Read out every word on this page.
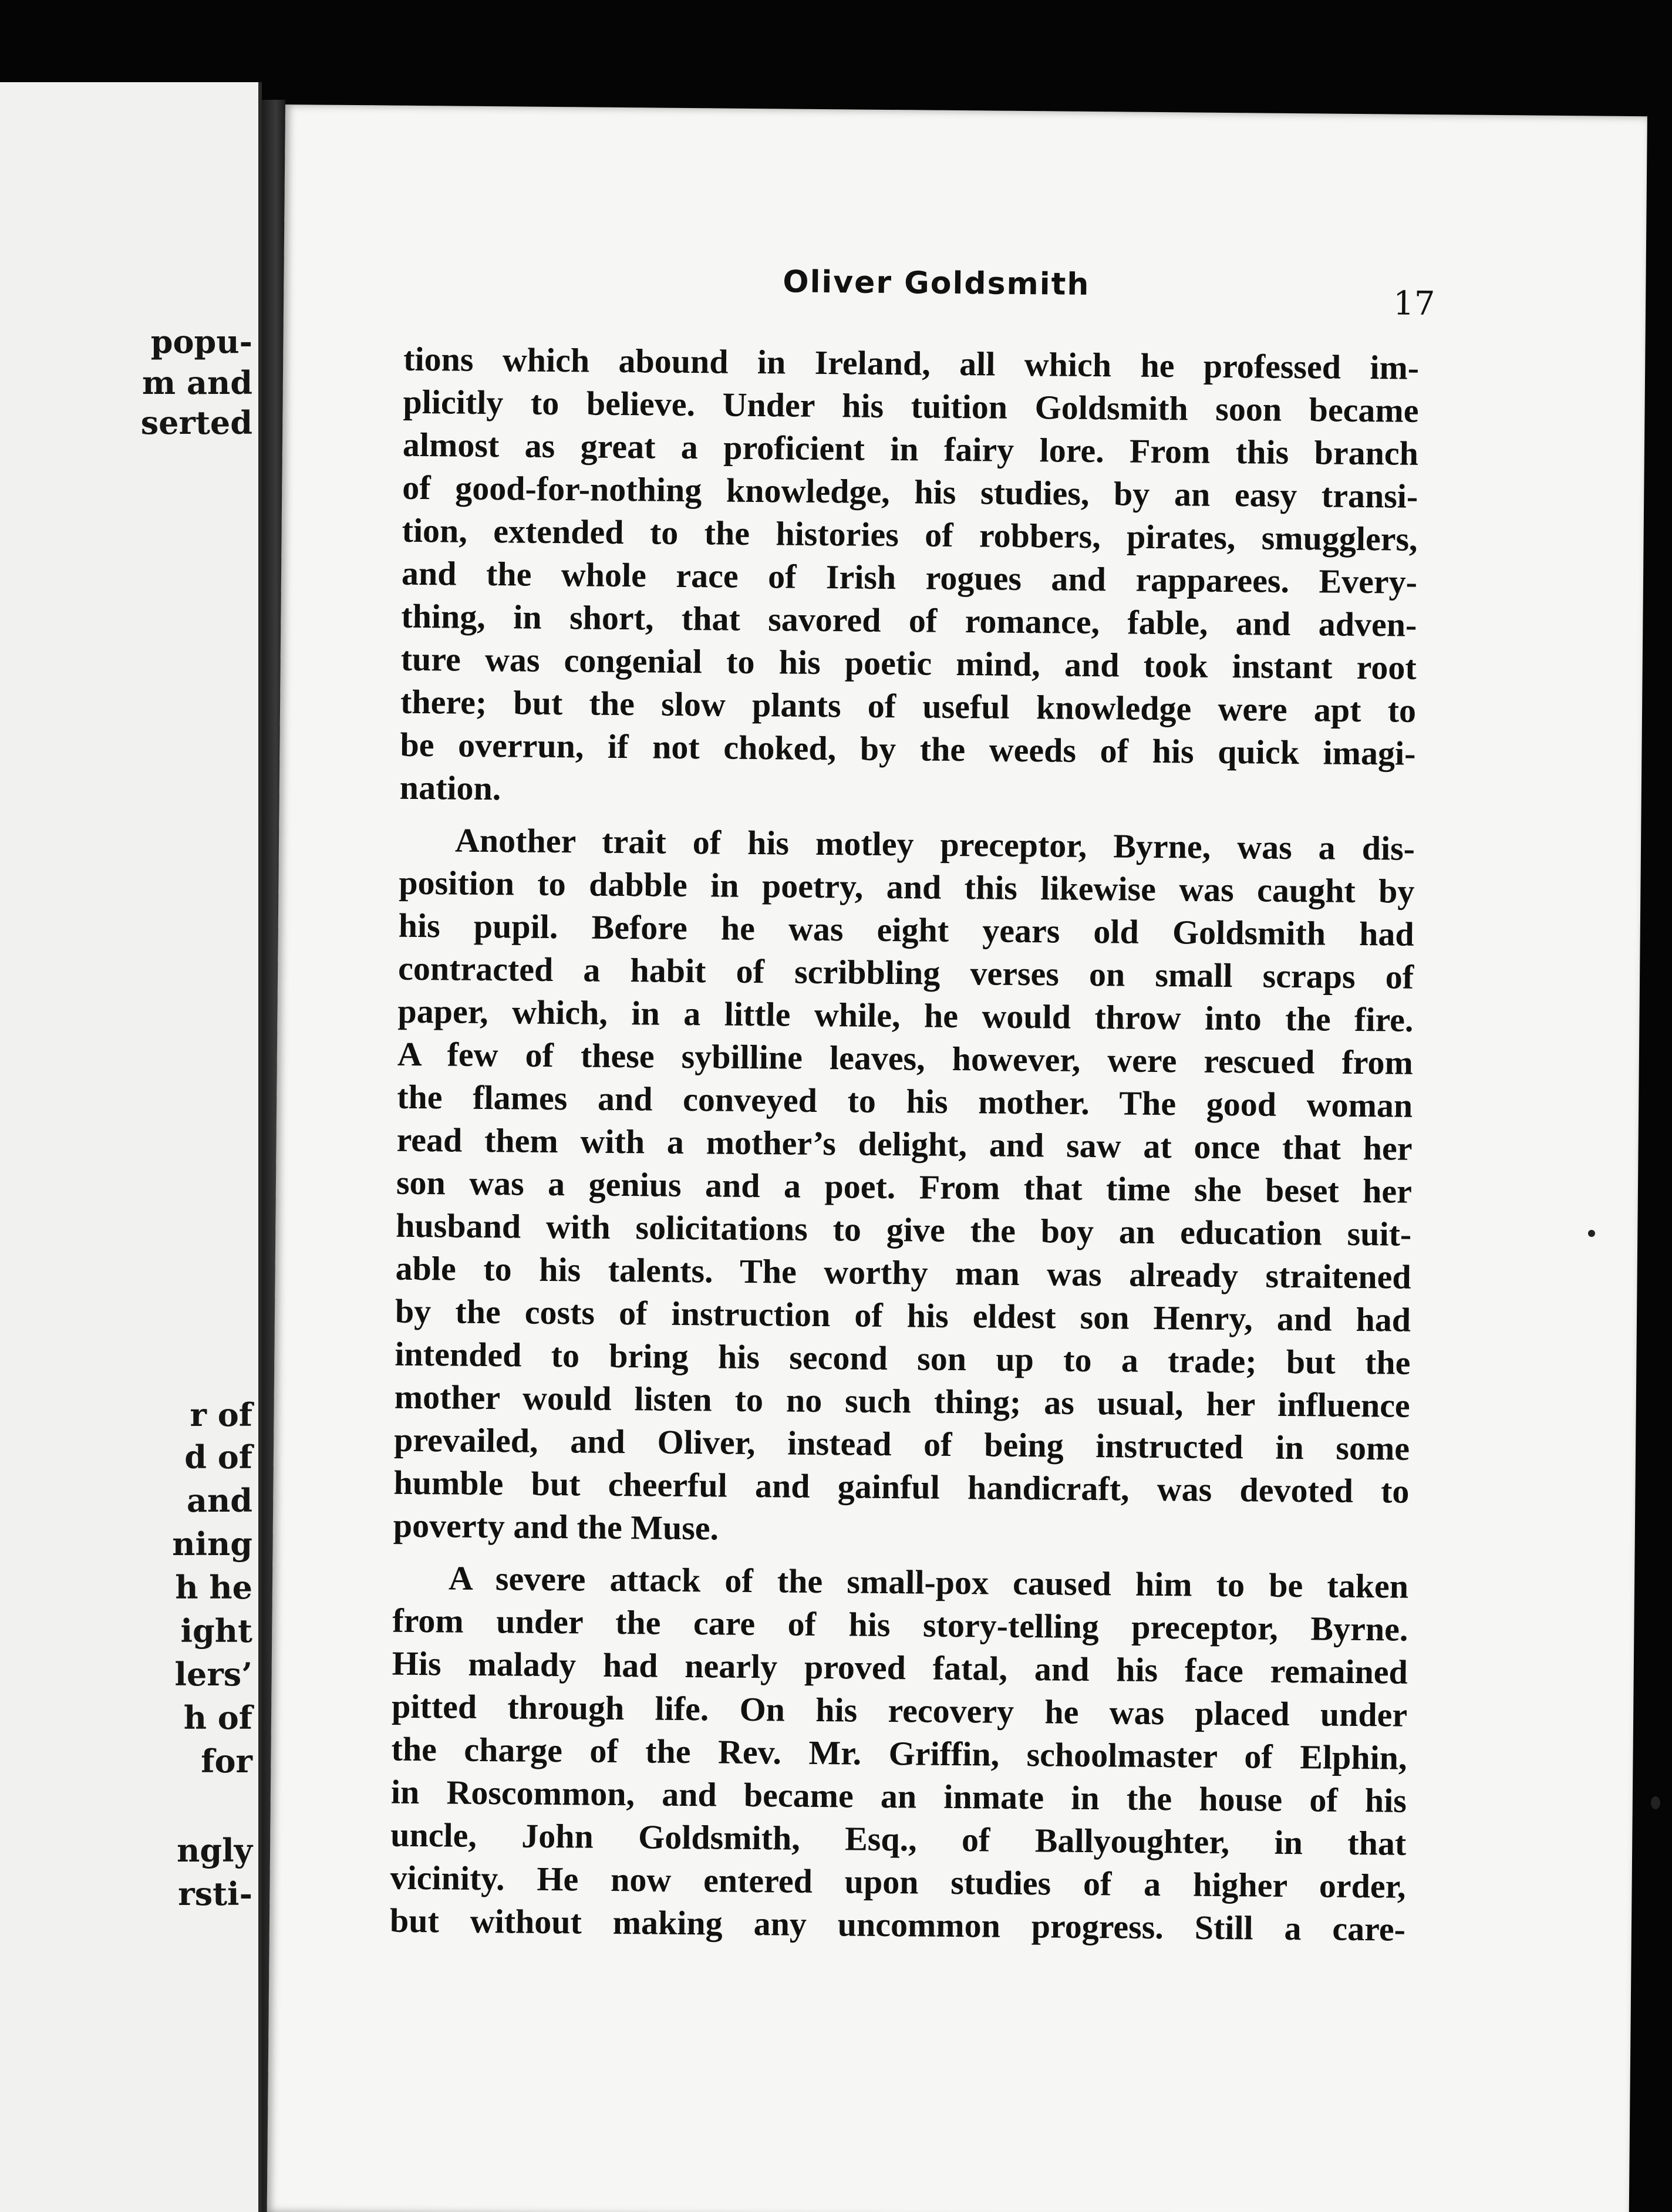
popu-
m and
serted
r of
d of
and
ning
h he
ight
lers’
h of
for
ngly
rsti-
Oliver Goldsmith
17
tions which abound in Ireland, all which he professed im-
plicitly to believe. Under his tuition Goldsmith soon became
almost as great a proficient in fairy lore. From this branch
of good-for-nothing knowledge, his studies, by an easy transi-
tion, extended to the histories of robbers, pirates, smugglers,
and the whole race of Irish rogues and rapparees. Every-
thing, in short, that savored of romance, fable, and adven-
ture was congenial to his poetic mind, and took instant root
there; but the slow plants of useful knowledge were apt to
be overrun, if not choked, by the weeds of his quick imagi-
nation.
Another trait of his motley preceptor, Byrne, was a dis-
position to dabble in poetry, and this likewise was caught by
his pupil. Before he was eight years old Goldsmith had
contracted a habit of scribbling verses on small scraps of
paper, which, in a little while, he would throw into the fire.
A few of these sybilline leaves, however, were rescued from
the flames and conveyed to his mother. The good woman
read them with a mother’s delight, and saw at once that her
son was a genius and a poet. From that time she beset her
husband with solicitations to give the boy an education suit-
able to his talents. The worthy man was already straitened
by the costs of instruction of his eldest son Henry, and had
intended to bring his second son up to a trade; but the
mother would listen to no such thing; as usual, her influence
prevailed, and Oliver, instead of being instructed in some
humble but cheerful and gainful handicraft, was devoted to
poverty and the Muse.
A severe attack of the small-pox caused him to be taken
from under the care of his story-telling preceptor, Byrne.
His malady had nearly proved fatal, and his face remained
pitted through life. On his recovery he was placed under
the charge of the Rev. Mr. Griffin, schoolmaster of Elphin,
in Roscommon, and became an inmate in the house of his
uncle, John Goldsmith, Esq., of Ballyoughter, in that
vicinity. He now entered upon studies of a higher order,
but without making any uncommon progress. Still a care-
